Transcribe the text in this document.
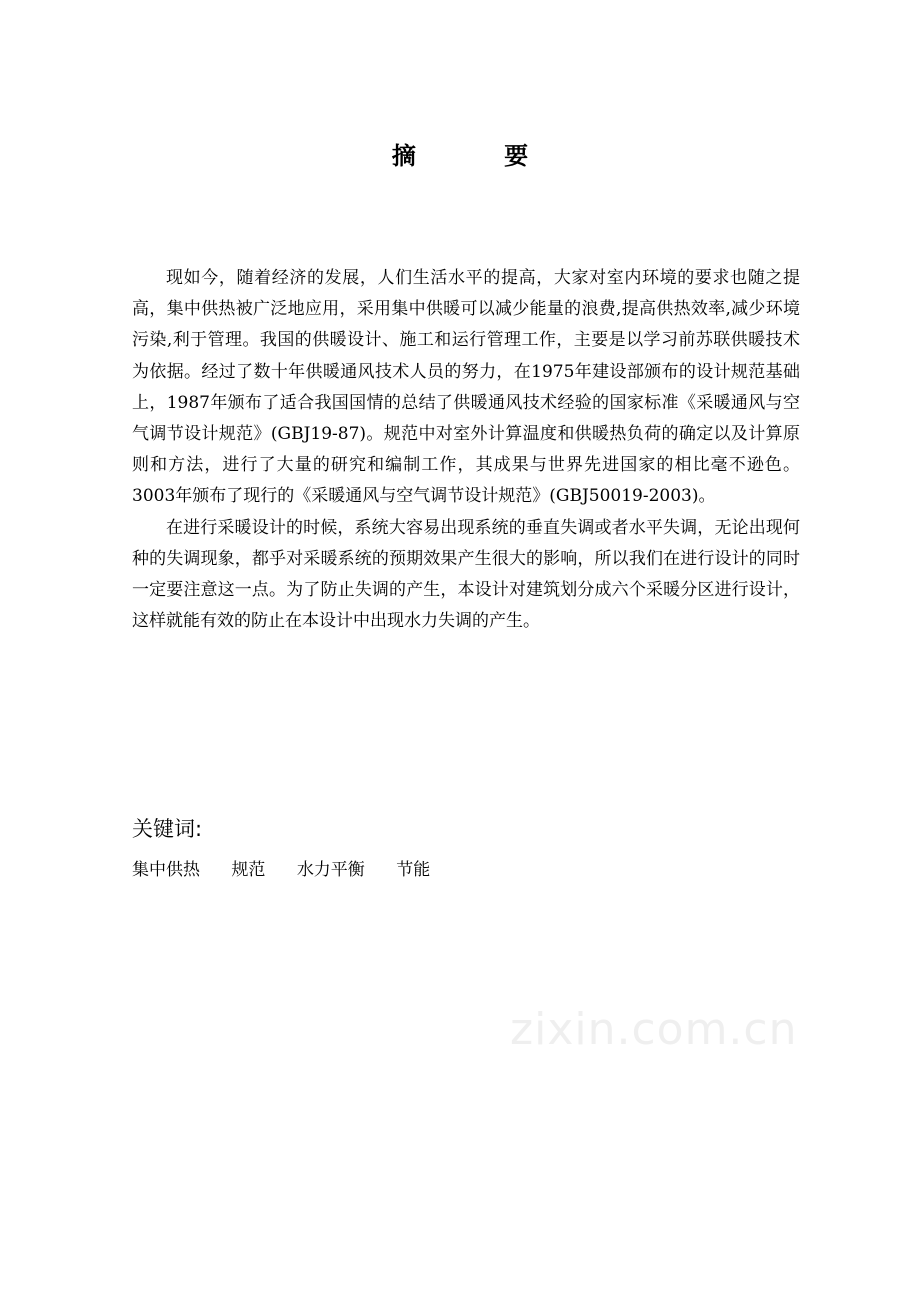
摘 要

现如今，随着经济的发展，人们生活水平的提高，大家对室内环境的要求也随之提高，集中供热被广泛地应用，采用集中供暖可以减少能量的浪费,提高供热效率,减少环境污染,利于管理。我国的供暖设计、施工和运行管理工作，主要是以学习前苏联供暖技术为依据。经过了数十年供暖通风技术人员的努力，在1975年建设部颁布的设计规范基础上，1987年颁布了适合我国国情的总结了供暖通风技术经验的国家标准《采暖通风与空气调节设计规范》(GBJ19-87)。规范中对室外计算温度和供暖热负荷的确定以及计算原则和方法，进行了大量的研究和编制工作，其成果与世界先进国家的相比毫不逊色。3003年颁布了现行的《采暖通风与空气调节设计规范》(GBJ50019-2003)。

在进行采暖设计的时候，系统大容易出现系统的垂直失调或者水平失调，无论出现何种的失调现象，都乎对采暖系统的预期效果产生很大的影响，所以我们在进行设计的同时一定要注意这一点。为了防止失调的产生，本设计对建筑划分成六个采暖分区进行设计，这样就能有效的防止在本设计中出现水力失调的产生。

关键词:
集中供热 规范 水力平衡 节能
zixin.com.cn
